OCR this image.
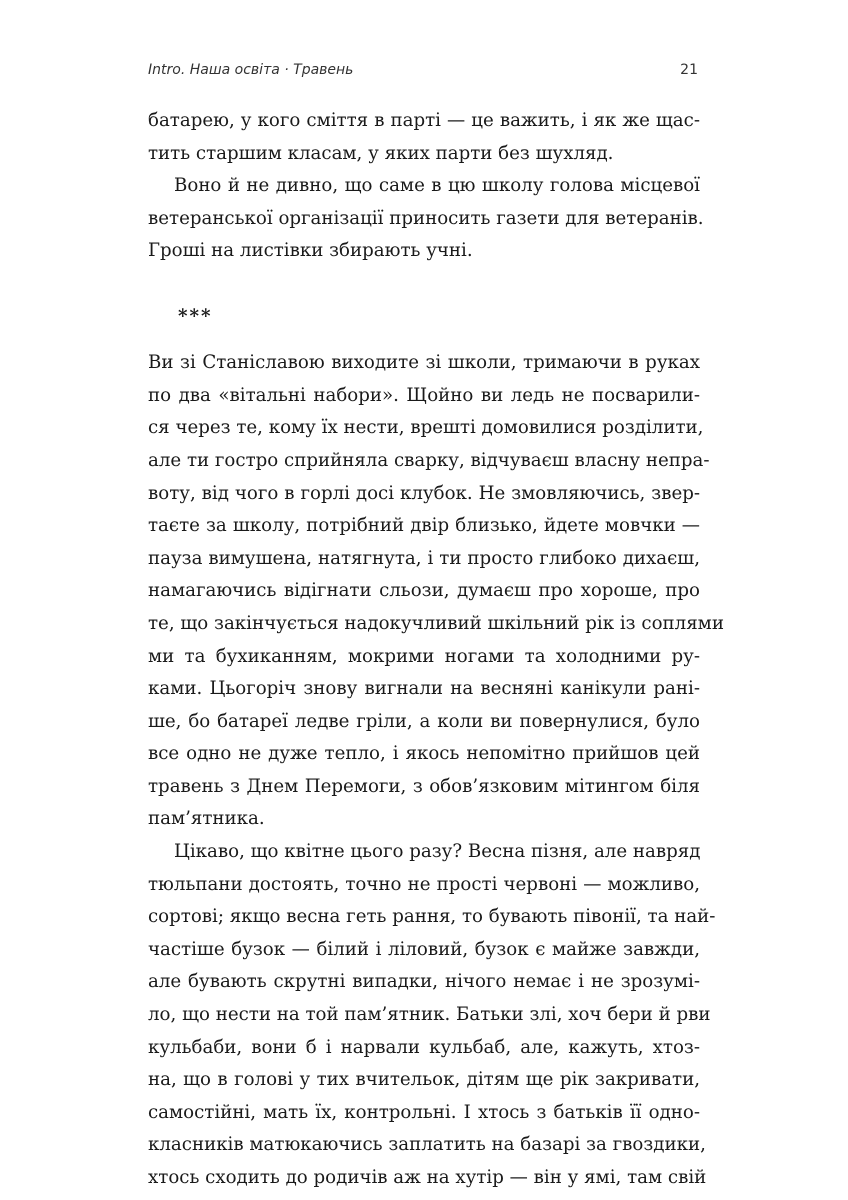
Intro. Наша освіта · Травень	21
батарею, у кого сміття в парті — це важить, і як же щас-
тить старшим класам, у яких парти без шухляд.
Воно й не дивно, що саме в цю школу голова місцевої
ветеранської організації приносить газети для ветеранів.
Гроші на листівки збирають учні.
***
Ви зі Станіславою виходите зі школи, тримаючи в руках
по два «вітальні набори». Щойно ви ледь не посварили-
ся через те, кому їх нести, врешті домовилися розділити,
але ти гостро сприйняла сварку, відчуваєш власну непра-
воту, від чого в горлі досі клубок. Не змовляючись, звер-
таєте за школу, потрібний двір близько, йдете мовчки —
пауза вимушена, натягнута, і ти просто глибоко дихаєш,
намагаючись відігнати сльози, думаєш про хороше, про
те, що закінчується надокучливий шкільний рік із соплями
ми та бухиканням, мокрими ногами та холодними ру-
ками. Цьогоріч знову вигнали на весняні канікули рані-
ше, бо батареї ледве гріли, а коли ви повернулися, було
все одно не дуже тепло, і якось непомітно прийшов цей
травень з Днем Перемоги, з обов’язковим мітингом біля
пам’ятника.
Цікаво, що квітне цього разу? Весна пізня, але навряд
тюльпани достоять, точно не прості червоні — можливо,
сортові; якщо весна геть рання, то бувають півонії, та най-
частіше бузок — білий і ліловий, бузок є майже завжди,
але бувають скрутні випадки, нічого немає і не зрозумі-
ло, що нести на той пам’ятник. Батьки злі, хоч бери й рви
кульбаби, вони б і нарвали кульбаб, але, кажуть, хтоз-
на, що в голові у тих вчительок, дітям ще рік закривати,
самостійні, мать їх, контрольні. І хтось з батьків її одно-
класників матюкаючись заплатить на базарі за гвоздики,
хтось сходить до родичів аж на хутір — він у ямі, там свій
